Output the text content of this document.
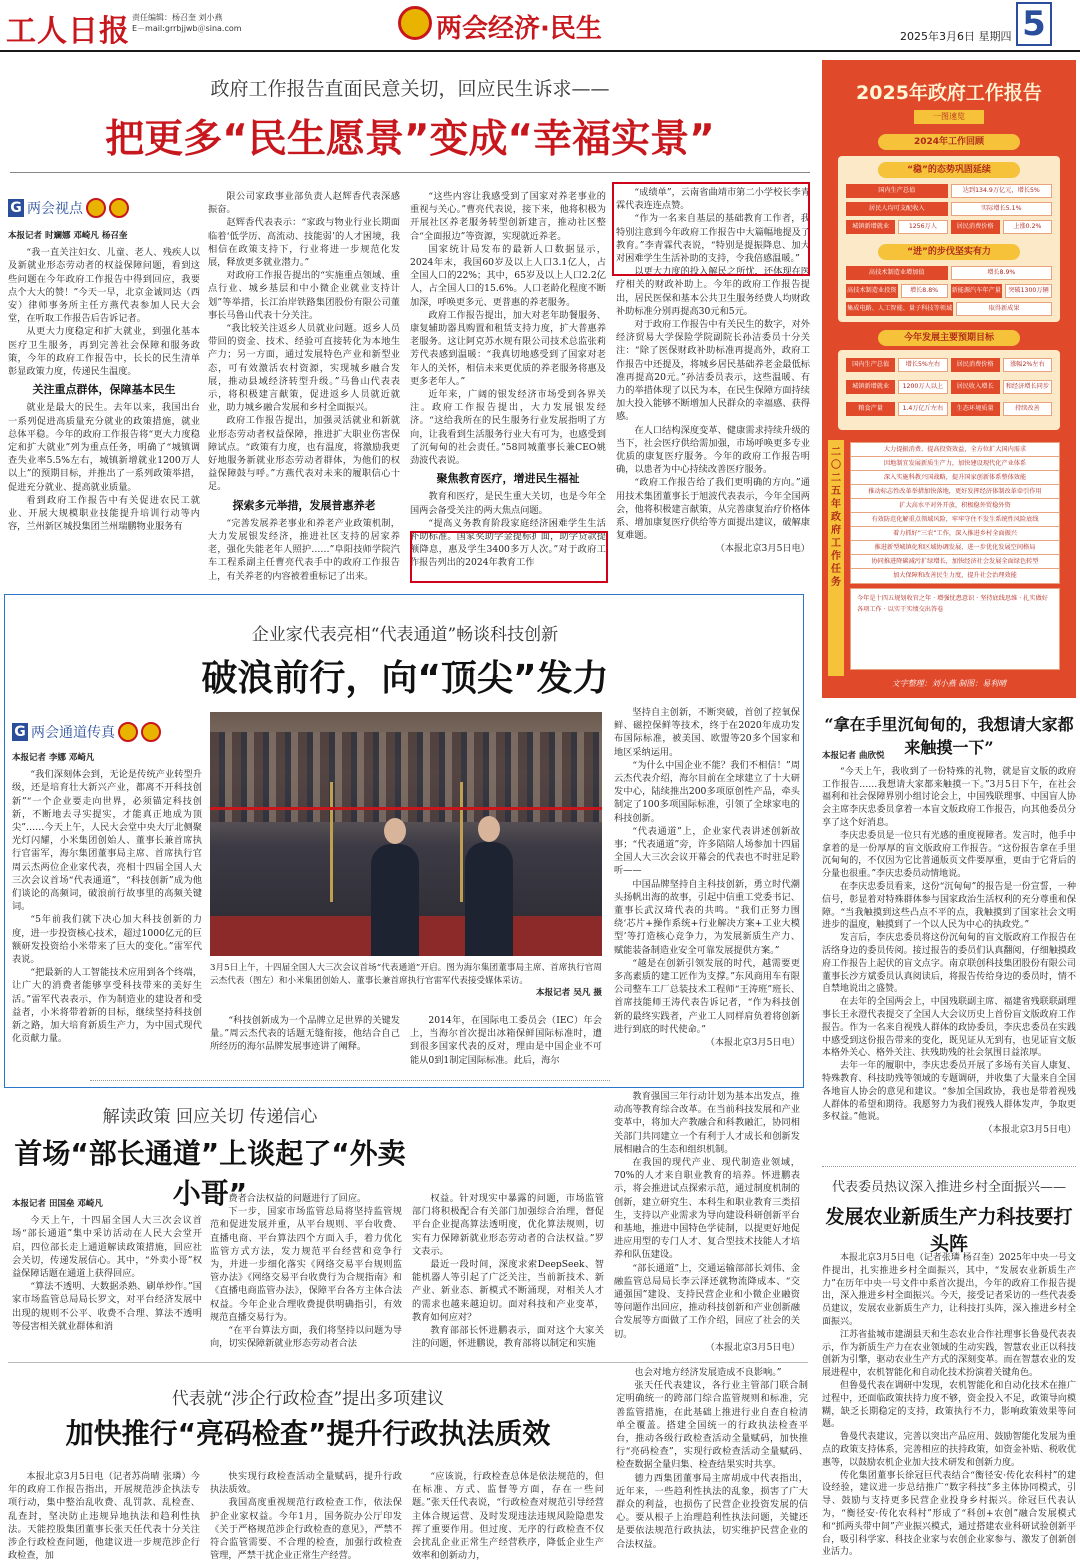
工人日报 责任编辑：杨召奎 刘小燕
E－mail:grrbjjwb＠sina.com	两会经济·民生	2025年3月6日 星期四 5
政府工作报告直面民意关切，回应民生诉求——
把更多“民生愿景”变成“幸福实景”
G 两会视点

本报记者 时斓娜 邓崎凡 杨召奎

“我一直关注妇女、儿童、老人、残疾人以及新就业形态劳动者的权益保障问题，看到这些问题在今年政府工作报告中得到回应，我要点个大大的赞！”今天一早，北京金诚同达（西安）律师事务所主任方燕代表参加人民大会堂，在听取工作报告后告诉记者。

从更大力度稳定和扩大就业，到强化基本医疗卫生服务，再到完善社会保障和服务政策，今年的政府工作报告中，长长的民生清单彰显政策力度，传递民生温度。

关注重点群体，保障基本民生

就业是最大的民生。去年以来，我国出台一系列促进高质量充分就业的政策措施，就业总体平稳。今年的政府工作报告将“更大力度稳定和扩大就业”列为重点任务，明确了“城镇调查失业率5.5%左右，城镇新增就业1200万人以上”的预期目标，并推出了一系列政策举措，促进充分就业、提高就业质量。

看到政府工作报告中有关促进农民工就业、开展大规模职业技能提升培训行动等内容，兰州新区城投集团兰州瑞鹏物业服务有

限公司家政事业部负责人赵辉香代表深感振奋。

赵辉香代表表示：“家政与物业行业长期面临着‘低学历、高流动、技能弱’的人才困境，我相信在政策支持下，行业将进一步规范化发展，释放更多就业潜力。”

对政府工作报告提出的“实施重点领域、重点行业、城乡基层和中小微企业就业支持计划”等举措，长江治岸铁路集团股份有限公司董事长马鲁山代表十分关注。

“我比较关注返乡人员就业问题。返乡人员带回的资金、技术、经验可直接转化为本地生产力；另一方面，通过发展特色产业和新型业态，可有效激活农村资源，实现城乡融合发展，推动县域经济转型升级。”马鲁山代表表示，将积极建言献策，促进返乡人员就近就业，助力城乡融合发展和乡村全面振兴。

政府工作报告提出，加强灵活就业和新就业形态劳动者权益保障，推进扩大职业伤害保障试点。“政策有力度，也有温度，将激励我更好地服务新就业形态劳动者群体，为他们的权益保障鼓与呼。”方燕代表对未来的履职信心十足。

探索多元举措，发展普惠养老

“完善发展养老事业和养老产业政策机制，大力发展银发经济，推进社区支持的居家养老，强化失能老年人照护……”阜阳技师学院汽车工程系副主任曹亮代表手中的政府工作报告上，有关养老的内容被着重标记了出来。

“这些内容让我感受到了国家对养老事业的重视与关心。”曹亮代表说，接下来，他将积极为开展社区养老服务转型创新建言，推动社区整合“全面报边”等资源，实现就近养老。

国家统计局发布的最新人口数据显示，2024年末，我国60岁及以上人口3.1亿人，占全国人口的22%；其中，65岁及以上人口2.2亿人，占全国人口的15.6%。人口老龄化程度不断加深，呼唤更多元、更普惠的养老服务。

政府工作报告提出，加大对老年助餐服务、康复辅助器具购置和租赁支持力度，扩大普惠养老服务。这让阿克苏水规有限公司技术总监张莉芳代表感到温暖：“我真切地感受到了国家对老年人的关怀，相信未来更优质的养老服务将惠及更多老年人。”

近年来，广阔的银发经济市场受到各界关注。政府工作报告提出，大力发展银发经济。“这给我所在的民生服务行业发展指明了方向，让我看到生活服务行业大有可为，也感受到了沉甸甸的社会责任。”58同城董事长兼CEO姚劲波代表说。

聚焦教育医疗，增进民生福祉

教育和医疗，是民生重大关切，也是今年全国两会备受关注的两大焦点问题。

“提高义务教育阶段家庭经济困难学生生活补助标准。国家奖助学金提标扩面，助学贷款提额降息，惠及学生3400多万人次。”对于政府工作报告列出的2024年教育工作

“成绩单”，云南省曲靖市第二小学校长李青霖代表连连点赞。

“作为一名来自基层的基础教育工作者，我特别注意到今年政府工作报告中大篇幅地提及了教育。”李青霖代表说，“特别是提振降息、加大对困难学生生活补助的支持，令我倍感温暖。”

以更大力度的投入解民之所忧，还体现在医疗相关的财政补助上。今年的政府工作报告提出，居民医保和基本公共卫生服务经费人均财政补助标准分别再提高30元和5元。

对于政府工作报告中有关民生的数字，对外经济贸易大学保险学院副院长孙洁委员十分关注：“除了医保财政补助标准再提高外，政府工作报告中还提及，将城乡居民基础养老金最低标准再提高20元。”孙洁委员表示，这些温暖、有力的举措体现了以民为本，在民生保障方面持续加大投入能够不断增加人民群众的幸福感、获得感。

在人口结构深度变革、健康需求持续升级的当下，社会医疗供给需加强，市场呼唤更多专业优质的康复医疗服务。今年的政府工作报告明确，以患者为中心持续改善医疗服务。

“政府工作报告给了我们更明确的方向。”通用技术集团董事长于旭波代表表示，今年全国两会，他将积极建言献策，从完善康复治疗价格体系、增加康复医疗供给等方面提出建议，破解康复难题。

（本报北京3月5日电）

企业家代表亮相“代表通道”畅谈科技创新
破浪前行，向“顶尖”发力
G 两会通道传真

本报记者 李娜 邓崎凡

“我们深刻体会到，无论是传统产业转型升级，还是培育壮大新兴产业，都离不开科技创新”“一个企业要走向世界，必须锚定科技创新，不断地去寻实提实，才能真正地成为顶尖”……今天上午，人民大会堂中央大厅北侧聚光灯闪耀，小米集团创始人、董事长兼首席执行官雷军，海尔集团董事局主席、首席执行官周云杰两位企业家代表，亮相十四届全国人大三次会议首场“代表通道”，“科技创新”成为他们谈论的高频词，破浪前行故事里的高频关键词。

“5年前我们就下决心加大科技创新的力度，进一步投资核心技术，超过1000亿元的巨额研发投资给小米带来了巨大的变化。”雷军代表说。

“把最新的人工智能技术应用到各个终端，让广大的消费者能够享受科技带来的美好生活。”雷军代表表示，作为制造业的建设者和受益者，小米将带着新的目标，继续坚持科技创新之路，加大培育新质生产力，为中国式现代化贡献力量。

3月5日上午，十四届全国人大三次会议首场“代表通道”开启。图为海尔集团董事局主席、首席执行官周云杰代表（图左）和小米集团创始人、董事长兼首席执行官雷军代表接受媒体采访。
本报记者 吴凡 摄

“科技创新成为一个品牌立足世界的关键发量。”周云杰代表的话题无缝衔接，他结合自己所经历的海尔品牌发展事迹讲了阐释。

2014年，在国际电工委员会（IEC）年会上，当海尔首次提出冰箱保鲜国际标准时，遭到很多国家代表的反对，理由是中国企业不可能从0到1制定国际标准。此后，海尔

坚持自主创新，不断突破，首创了控氧保鲜、磁控保鲜等技术，终于在2020年成功发布国际标准，被美国、欧盟等20多个国家和地区采纳运用。

“为什么中国企业不能？我们不相信！”周云杰代表介绍，海尔目前在全球建立了十大研发中心，陆续推出200多项原创性产品，牵头制定了100多项国际标准，引领了全球家电的科技创新。

“代表通道”上，企业家代表讲述创新故事；“代表通道”旁，许多陪陪人场参加十四届全国人大三次会议开幕会的代表也不时驻足聆听——

中国品牌坚持自主科技创新，勇立时代潮头扬帆出海的故事，引起中信重工党委书记、董事长武汉琦代表的共鸣。“我们正努力围绕‘芯片+操作系统+行业解决方案+工业大模型’等打造核心竞争力，为发展新质生产力、赋能装备制造业安全可靠发展提供方案。”

“越是在创新引领发展的时代，越需要更多高素质的建工匠作为支撑。”东风商用车有限公司整车工厂总装技术工程师“王涛班”班长、首席技能师王涛代表告诉记者，“作为科技创新的最终实践者，产业工人同样肩负着将创新进行到底的时代使命。”

（本报北京3月5日电）

解读政策 回应关切 传递信心
首场“部长通道”上谈起了“外卖小哥”

本报记者 田国垒 邓崎凡

今天上午，十四届全国人大三次会议首场“部长通道”集中采访活动在人民大会堂开启，四位部长走上通道解读政策措施，回应社会关切，传递发展信心。其中，“外卖小哥”权益保障话题在通道上获得回应。

“算法不透明、大数据杀熟、刷单炒作。”国家市场监管总局局长罗文，对平台经济发展中出现的规则不公平、收费不合理、算法不透明等侵害相关就业群体和消

费者合法权益的问题进行了回应。

下一步，国家市场监管总局将坚持监管规范和促进发展并重，从平台规则、平台收费、直播电商、平台算法四个方面入手，着力优化监管方式方法，发力规范平台经营和竞争行为，并进一步细化落实《网络交易平台规则监管办法》《网络交易平台收费行为合规指南》和《直播电商监管办法》，保障平台各方主体合法权益。今年企业合理收费提供明确指引，有效规范直播交易行为。

“在平台算法方面，我们将坚持以问题为导向，切实保障新就业形态劳动者合法

权益。针对现实中暴露的问题，市场监管部门将积极配合有关部门加强综合治理，督促平台企业提高算法透明度，优化算法规则，切实有力保障新就业形态劳动者的合法权益。”罗文表示。

最近一段时间，深度求索DeepSeek、智能机器人等引起了广泛关注，当前新技术、新产业、新业态、新模式不断涌现，对相关人才的需求也越来越迫切。面对科技和产业变革，教育如何应对？

教育部部长怀进鹏表示，面对这个大家关注的问题，怀进鹏说，教育部将以制定和实施

教育强国三年行动计划为基本出发点，推动高等教育综合改革。在当前科技发展和产业变革中，将加大产教融合和科教融汇，协同相关部门共同建立一个有利于人才成长和创新发展相融合的生态和组织机制。

在我国的现代产业、现代制造业领域，70%的人才来自职业教育的培养。怀进鹏表示，将会推进试点探索示范，通过制度机制的创新，建立研究生、本科生和职业教育三类招生，支持以产业需求为导向建设科研创新平台和基地，推进中国特色学徒制，以提更好地促进应用型的专门人才、复合型技术技能人才培养和队伍建设。

“部长通道”上，交通运输部部长刘伟、金融监管总局局长李云泽还就物流降成本、“交通强国”建设、支持民营企业和小微企业融资等问题作出回应，推动科技创新和产业创新融合发展等方面做了工作介绍，回应了社会的关切。

（本报北京3月5日电）

代表就“涉企行政检查”提出多项建议
加快推行“亮码检查”提升行政执法质效

本报北京3月5日电（记者苏尚晴 张璘）今年的政府工作报告指出，开展规范涉企执法专项行动，集中整治乱收费、乱罚款、乱检查、乱查封，坚决防止违规异地执法和趋利性执法。天能控股集团董事长张天任代表十分关注涉企行政检查问题，他建议进一步规范涉企行政检查，加

快实现行政检查活动全量赋码，提升行政执法质效。

我国高度重视规范行政检查工作，依法保护企业家权益。今年1月，国务院办公厅印发《关于严格规范涉企行政检查的意见》，严禁不符合监管需要、不合理的检查，加强行政检查管理，严禁干扰企业正常生产经营。

“应该说，行政检查总体是依法规范的，但在标准、方式、监督等方面，存在一些问题。”张天任代表说，“行政检查对规范引导经营主体合规运营、及时发现违法违规风险隐患发挥了重要作用。但过度、无序的行政检查不仅会扰乱企业正常生产经营秩序，降低企业生产效率和创新动力，

也会对地方经济发展造成不良影响。”

张天任代表建议，各行业主管部门联合制定明确统一的跨部门综合监管规则和标准，完善监管措施，在此基础上推进行业自查自检清单全覆盖。搭建全国统一的行政执法检查平台，推动各级行政检查活动全量赋码，加快推行“亮码检查”，实现行政检查活动全量赋码、检查数据全量归集、检查结果实时共享。

德力西集团董事局主席胡成中代表指出，近年来，一些趋利性执法的乱象，损害了广大群众的利益，也损伤了民营企业投资发展的信心。要从根子上治理趋利性执法问题，关键还是要依法规范行政执法，切实维护民营企业的合法权益。

2025年政府工作报告
一图速览
2024年工作回顾
“稳”的态势巩固延续
国内生产总值	达到134.9万亿元，增长5%
居民人均可支配收入	实际增长5.1%
城镇新增就业	1256万人	居民消费价格	上涨0.2%
“进”的步伐坚实有力
高技术制造业增加值	增长8.9%
高技术制造业投资	增长8.8%	新能源汽车年产量	突破1300万辆
集成电路、人工智能、量子科技等领域	取得新成果
今年发展主要预期目标
国内生产总值	增长5%左右	居民消费价格	涨幅2%左右
城镇新增就业	1200万人以上	居民收入增长	和经济增长同步
粮食产量	1.4万亿斤左右	生态环境质量	持续改善
二〇二五年政府工作任务
大力提振消费、提高投资效益，全方位扩大国内需求
因地制宜发展新质生产力，加快建设现代化产业体系
深入实施科教兴国战略，提升国家创新体系整体效能
推动标志性改革举措加快落地，更好发挥经济体制改革牵引作用
扩大高水平对外开放，积极稳外贸稳外资
有效防范化解重点领域风险，牢牢守住不发生系统性风险底线
着力抓好“三农”工作，深入推进乡村全面振兴
推进新型城镇化和区域协调发展，进一步优化发展空间格局
协同推进降碳减污扩绿增长，加快经济社会发展全面绿色转型
加大保障和改善民生力度，提升社会治理效能
今年是十四五规划收官之年 · 增强忧患意识 · 坚持底线思维 · 扎实做好各项工作 · 以实干实绩交出答卷
文字整理：刘小燕 制图：易利晴
“拿在手里沉甸甸的，我想请大家都来触摸一下”

本报记者 曲欣悦

“今天上午，我收到了一份特殊的礼物，就是盲文版的政府工作报告……我想请大家都来触摸一下。”3月5日下午，在社会福利和社会保障界别小组讨论会上，中国残联理事、中国盲人协会主席李庆忠委员拿着一本盲文版政府工作报告，向其他委员分享了这个好消息。

李庆忠委员是一位只有光感的重度视障者。发言时，他手中拿着的是一份厚厚的盲文版政府工作报告。“这份报告拿在手里沉甸甸的，不仅因为它比普通版页文件要厚重，更由于它背后的分量也很重。”李庆忠委员动情地说。

在李庆忠委员看来，这份“沉甸甸”的报告是一份宣誓，一种信号，彰显着对特殊群体参与国家政治生活权利的充分尊重和保障。“当我触摸到这些凸点不平的点，我触摸到了国家社会文明进步的温度，触摸到了一个以人民为中心的执政党。”

发言后，李庆忠委员将这份沉甸甸的盲文版政府工作报告在活络身边的委员传阅。接过报告的委员们认真翻阅，仔细触摸政府工作报告上起伏的盲文点字。南京联创科技集团股份有限公司董事长沙方斌委员认真阅读后，将报告传给身边的委员时，情不自禁地说出之盛赞。

在去年的全国两会上，中国残联副主席、福建省残联联副理事长王永澄代表提交了全国人大会议历史上首份盲文版政府工作报告。作为一名来自视残人群体的政协委员，李庆忠委员在实践中感受到这份报告带来的变化，既见证从无到有，也见证盲文版本格外关心、格外关注、扶残助残的社会氛围日益浓厚。

去年一年的履职中，李庆忠委员开展了多场有关盲人康复、特殊教育、科技助残等领域的专题调研，并收集了大量来自全国各地盲人协会的意见和建议。“参加全国政协，我也是带着视残人群体的希望和期待。我愿努力为我们视残人群体发声，争取更多权益。”他说。

（本报北京3月5日电）

代表委员热议深入推进乡村全面振兴——
发展农业新质生产力科技要打头阵

本报北京3月5日电（记者张璘 杨召奎）2025年中央一号文件提出，扎实推进乡村全面振兴，其中，“发展农业新质生产力”在历年中央一号文件中系首次提出，今年的政府工作报告提出，深入推进乡村全面振兴。今天，接受记者采访的一些代表委员建议，发展农业新质生产力，让科技打头阵，深入推进乡村全面振兴。

江苏省盐城市建湖县天和生态农业合作社理事长鲁曼代表表示，作为新质生产力在农业领域的生动实践，智慧农业正以科技创新为引擎，驱动农业生产方式的深刻变革。而在智慧农业的发展进程中，农机智能化和自动化技术扮演着关键角色。

但鲁曼代表在调研中发现，农机智能化和自动化技术在推广过程中，还面临政策扶持力度不够，资金投入不足，政策导向模糊，缺乏长期稳定的支持，政策执行不力，影响政策效果等问题。

鲁曼代表建议，完善以突出产品应用、鼓励智能化发展为重点的政策支持体系，完善相应的扶持政策，如资金补贴、税收优惠等，以鼓励农机企业加大技术研发和创新力度。

传化集团董事长徐冠巨代表结合“衡径安·传化农科村”的建设经验，建议进一步总结推广“数字科技”多主体协同模式，引导、鼓励与支持更多民营企业投身乡村振兴。徐冠巨代表认为，“衡径安·传化农科村”形成了“科创+农创”融合发展模式和“抓两头带中间”产业振兴模式，通过搭建农业科研试验创新平台，吸引科学家、科技企业家与农创企业家参与、激发了创新创业活力。
